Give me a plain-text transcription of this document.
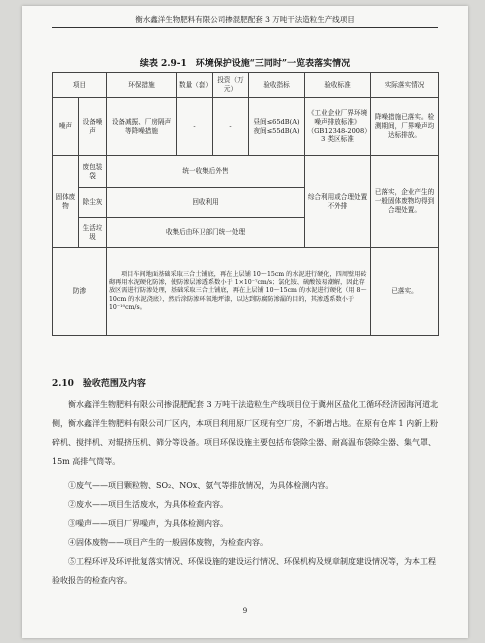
衡水鑫洋生物肥料有限公司掺混肥配套 3 万吨干法造粒生产线项目
续表 2.9-1　环境保护设施“三同时”一览表落实情况
项目		环保措施	数量（套）	投资（万元）	验收指标	验收标准	实际落实情况
噪声	设备噪声	设备减振、厂房隔声等降噪措施	-	-	昼间≤65dB(A) 夜间≤55dB(A)	《工业企业厂界环境噪声排放标准》（GB12348-2008）3 类区标准	降噪措施已落实。检测期间，厂界噪声均达标排放。
固体废物	废包装袋	统一收集后外售				综合利用或合理处置不外排	已落实，企业产生的一般固体废物均得到合理处置。
	除尘灰	回收利用					
	生活垃圾	收集后由环卫部门统一处理					
防渗		项目车间地面基础采取三合土铺底，再在上层铺 10～15cm 的水泥进行硬化，四周壁用砖砌再用水泥硬化防渗，使防渗层渗透系数小于 1×10⁻⁷cm/s；氯化铵、硫酸铵易潮解，因此存放区需进行防渗处理，基础采取三合土铺底，再在上层铺 10～15cm 的水泥进行硬化（用 8～10cm 的水泥浇底），然后涂防渗环氧地坪漆，以达到防腐防渗漏的目的，其渗透系数小于 10⁻¹⁰cm/s。					已落实。
2.10　验收范围及内容

衡水鑫洋生物肥料有限公司掺混肥配套 3 万吨干法造粒生产线项目位于冀州区盐化工循环经济园海河道北侧，衡水鑫洋生物肥料有限公司厂区内，本项目利用原厂区现有空厂房，不新增占地。在原有仓库 1 内新上粉碎机、搅拌机、对辊挤压机、筛分等设备。项目环保设施主要包括布袋除尘器、耐高温布袋除尘器、集气罩、15m 高排气筒等。

①废气——项目颗粒物、SO₂、NOx、氨气等排放情况，为具体检测内容。

②废水——项目生活废水，为具体检查内容。

③噪声——项目厂界噪声，为具体检测内容。

④固体废物——项目产生的一般固体废物，为检查内容。

⑤工程环评及环评批复落实情况、环保设施的建设运行情况、环保机构及规章制度建设情况等，为本工程验收报告的检查内容。

9
